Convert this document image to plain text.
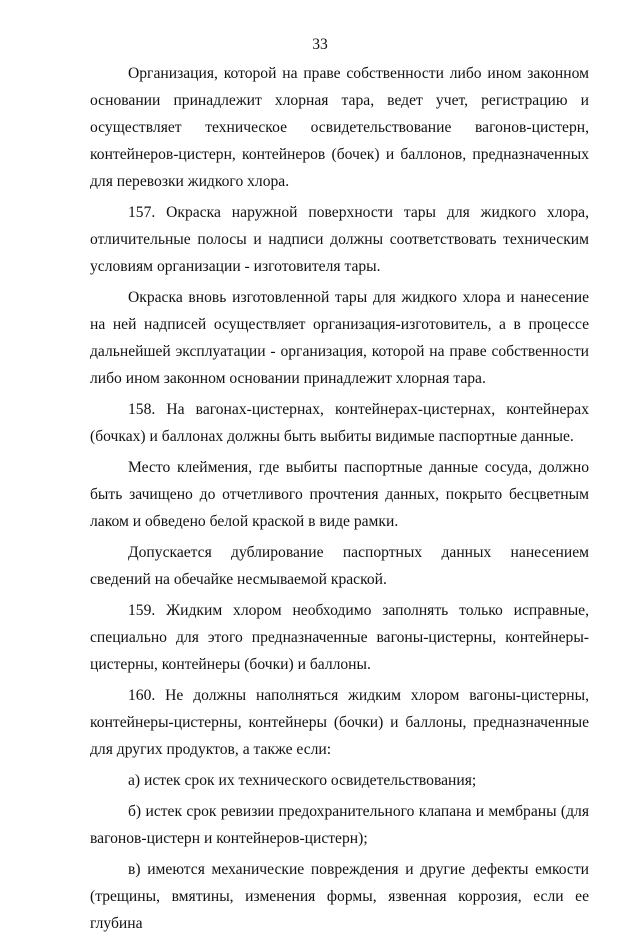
33

Организация, которой на праве собственности либо ином законном основании принадлежит хлорная тара, ведет учет, регистрацию и осуществляет техническое освидетельствование вагонов-цистерн, контейнеров-цистерн, контейнеров (бочек) и баллонов, предназначенных для перевозки жидкого хлора.

157. Окраска наружной поверхности тары для жидкого хлора, отличительные полосы и надписи должны соответствовать техническим условиям организации - изготовителя тары.

Окраска вновь изготовленной тары для жидкого хлора и нанесение на ней надписей осуществляет организация-изготовитель, а в процессе дальнейшей эксплуатации - организация, которой на праве собственности либо ином законном основании принадлежит хлорная тара.

158. На вагонах-цистернах, контейнерах-цистернах, контейнерах (бочках) и баллонах должны быть выбиты видимые паспортные данные.

Место клеймения, где выбиты паспортные данные сосуда, должно быть зачищено до отчетливого прочтения данных, покрыто бесцветным лаком и обведено белой краской в виде рамки.

Допускается дублирование паспортных данных нанесением сведений на обечайке несмываемой краской.

159. Жидким хлором необходимо заполнять только исправные, специально для этого предназначенные вагоны-цистерны, контейнеры-цистерны, контейнеры (бочки) и баллоны.

160. Не должны наполняться жидким хлором вагоны-цистерны, контейнеры-цистерны, контейнеры (бочки) и баллоны, предназначенные для других продуктов, а также если:

а) истек срок их технического освидетельствования;

б) истек срок ревизии предохранительного клапана и мембраны (для вагонов-цистерн и контейнеров-цистерн);

в) имеются механические повреждения и другие дефекты емкости (трещины, вмятины, изменения формы, язвенная коррозия, если ее глубина
